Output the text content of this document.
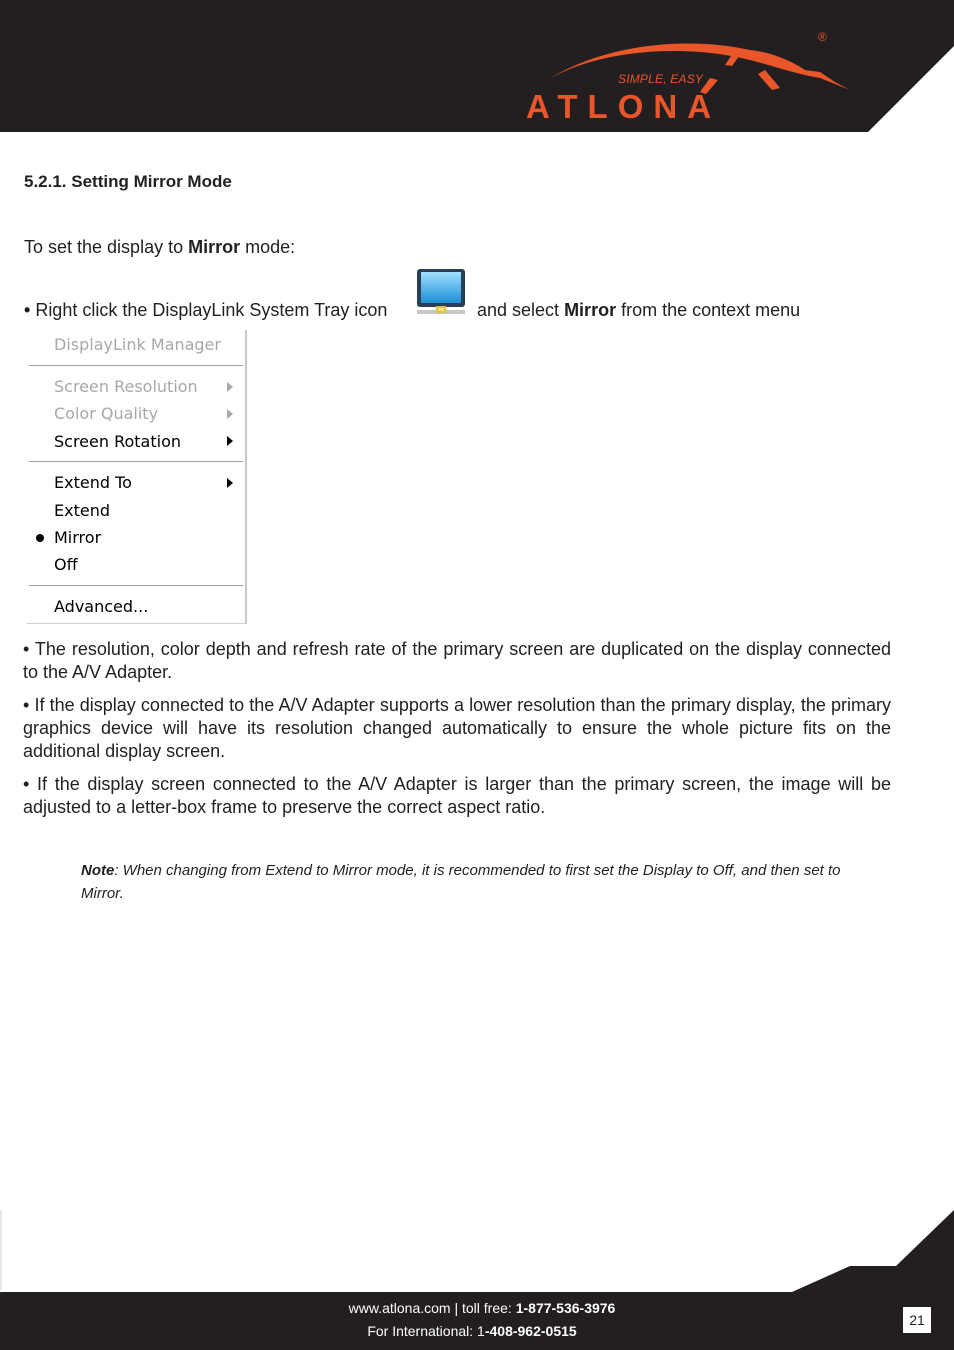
SIMPLE, EASY
ATLONA
®
5.2.1. Setting Mirror Mode
To set the display to Mirror mode:
• Right click the DisplayLink System Tray icon	and select Mirror from the context menu
DisplayLink Manager
Screen Resolution
Color Quality
Screen Rotation
Extend To
Extend
Mirror
Off
Advanced...
• The resolution, color depth and refresh rate of the primary screen are duplicated on the display connected to the A/V Adapter.
• If the display connected to the A/V Adapter supports a lower resolution than the primary display, the primary graphics device will have its resolution changed automatically to ensure the whole picture fits on the additional display screen.
• If the display screen connected to the A/V Adapter is larger than the primary screen, the image will be adjusted to a letter-box frame to preserve the correct aspect ratio.
Note: When changing from Extend to Mirror mode, it is recommended to first set the Display to Off, and then set to Mirror.
www.atlona.com | toll free: 1-877-536-3976
For International: 1-408-962-0515
21
